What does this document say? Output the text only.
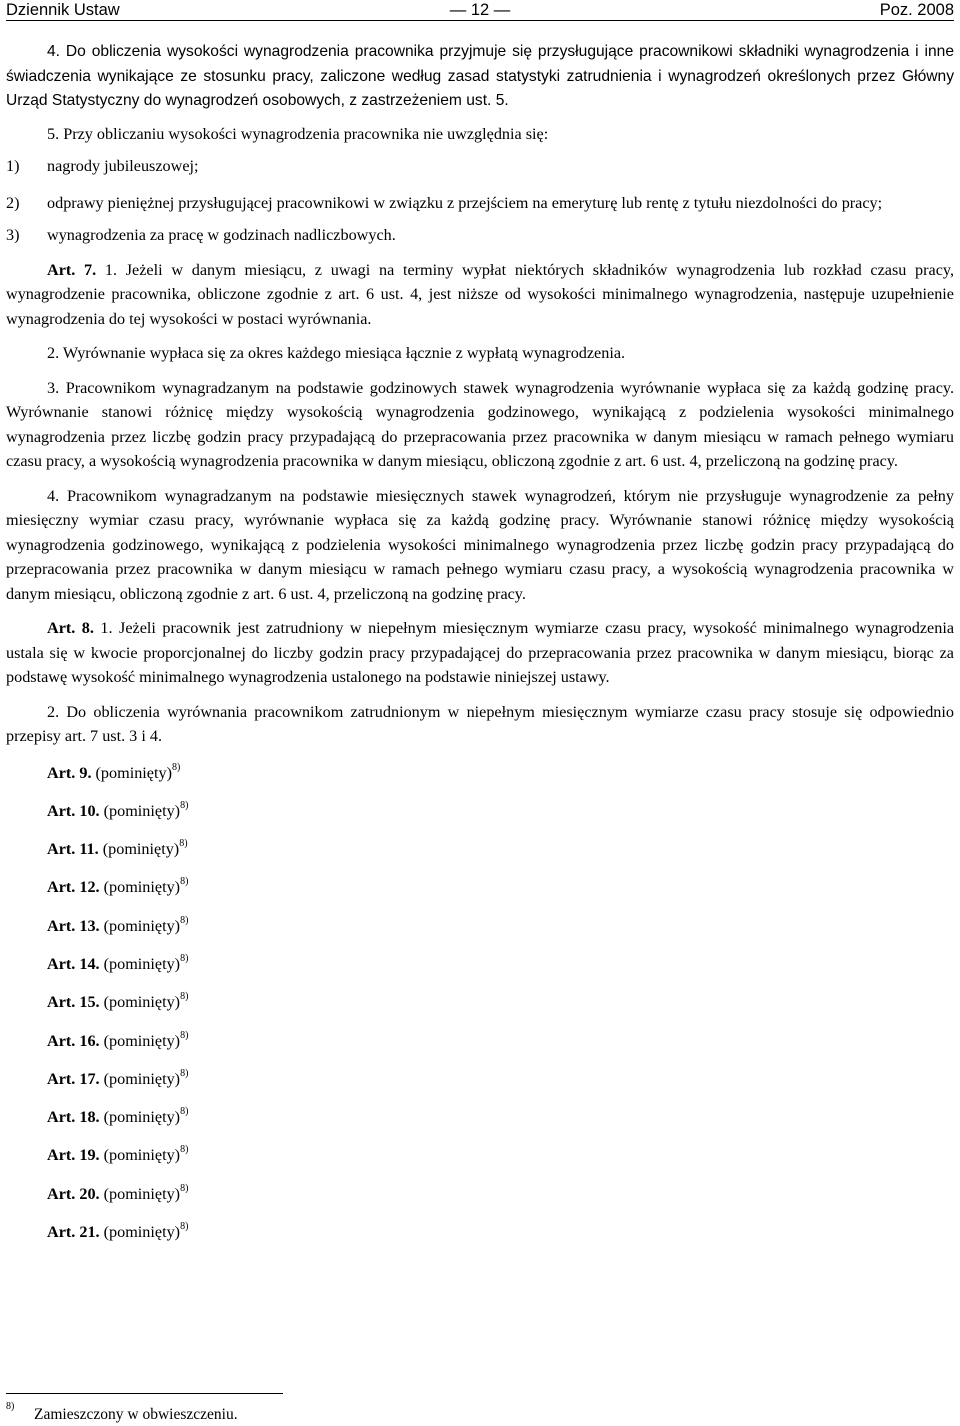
Dziennik Ustaw	— 12 —	Poz. 2008

4. Do obliczenia wysokości wynagrodzenia pracownika przyjmuje się przysługujące pracownikowi składniki wynagrodzenia i inne świadczenia wynikające ze stosunku pracy, zaliczone według zasad statystyki zatrudnienia i wynagrodzeń określonych przez Główny Urząd Statystyczny do wynagrodzeń osobowych, z zastrzeżeniem ust. 5.

5. Przy obliczaniu wysokości wynagrodzenia pracownika nie uwzględnia się:

1) nagrody jubileuszowej;
2) odprawy pieniężnej przysługującej pracownikowi w związku z przejściem na emeryturę lub rentę z tytułu niezdolności do pracy;
3) wynagrodzenia za pracę w godzinach nadliczbowych.

Art. 7. 1. Jeżeli w danym miesiącu, z uwagi na terminy wypłat niektórych składników wynagrodzenia lub rozkład czasu pracy, wynagrodzenie pracownika, obliczone zgodnie z art. 6 ust. 4, jest niższe od wysokości minimalnego wynagrodzenia, następuje uzupełnienie wynagrodzenia do tej wysokości w postaci wyrównania.

2. Wyrównanie wypłaca się za okres każdego miesiąca łącznie z wypłatą wynagrodzenia.

3. Pracownikom wynagradzanym na podstawie godzinowych stawek wynagrodzenia wyrównanie wypłaca się za każdą godzinę pracy. Wyrównanie stanowi różnicę między wysokością wynagrodzenia godzinowego, wynikającą z podzielenia wysokości minimalnego wynagrodzenia przez liczbę godzin pracy przypadającą do przepracowania przez pracownika w danym miesiącu w ramach pełnego wymiaru czasu pracy, a wysokością wynagrodzenia pracownika w danym miesiącu, obliczoną zgodnie z art. 6 ust. 4, przeliczoną na godzinę pracy.

4. Pracownikom wynagradzanym na podstawie miesięcznych stawek wynagrodzeń, którym nie przysługuje wynagrodzenie za pełny miesięczny wymiar czasu pracy, wyrównanie wypłaca się za każdą godzinę pracy. Wyrównanie stanowi różnicę między wysokością wynagrodzenia godzinowego, wynikającą z podzielenia wysokości minimalnego wynagrodzenia przez liczbę godzin pracy przypadającą do przepracowania przez pracownika w danym miesiącu w ramach pełnego wymiaru czasu pracy, a wysokością wynagrodzenia pracownika w danym miesiącu, obliczoną zgodnie z art. 6 ust. 4, przeliczoną na godzinę pracy.

Art. 8. 1. Jeżeli pracownik jest zatrudniony w niepełnym miesięcznym wymiarze czasu pracy, wysokość minimalnego wynagrodzenia ustala się w kwocie proporcjonalnej do liczby godzin pracy przypadającej do przepracowania przez pracownika w danym miesiącu, biorąc za podstawę wysokość minimalnego wynagrodzenia ustalonego na podstawie niniejszej ustawy.

2. Do obliczenia wyrównania pracownikom zatrudnionym w niepełnym miesięcznym wymiarze czasu pracy stosuje się odpowiednio przepisy art. 7 ust. 3 i 4.

Art. 9. (pominięty)$^{8)}$

Art. 10. (pominięty)$^{8)}$

Art. 11. (pominięty)$^{8)}$

Art. 12. (pominięty)$^{8)}$

Art. 13. (pominięty)$^{8)}$

Art. 14. (pominięty)$^{8)}$

Art. 15. (pominięty)$^{8)}$

Art. 16. (pominięty)$^{8)}$

Art. 17. (pominięty)$^{8)}$

Art. 18. (pominięty)$^{8)}$

Art. 19. (pominięty)$^{8)}$

Art. 20. (pominięty)$^{8)}$

Art. 21. (pominięty)$^{8)}$

8) Zamieszczony w obwieszczeniu.
